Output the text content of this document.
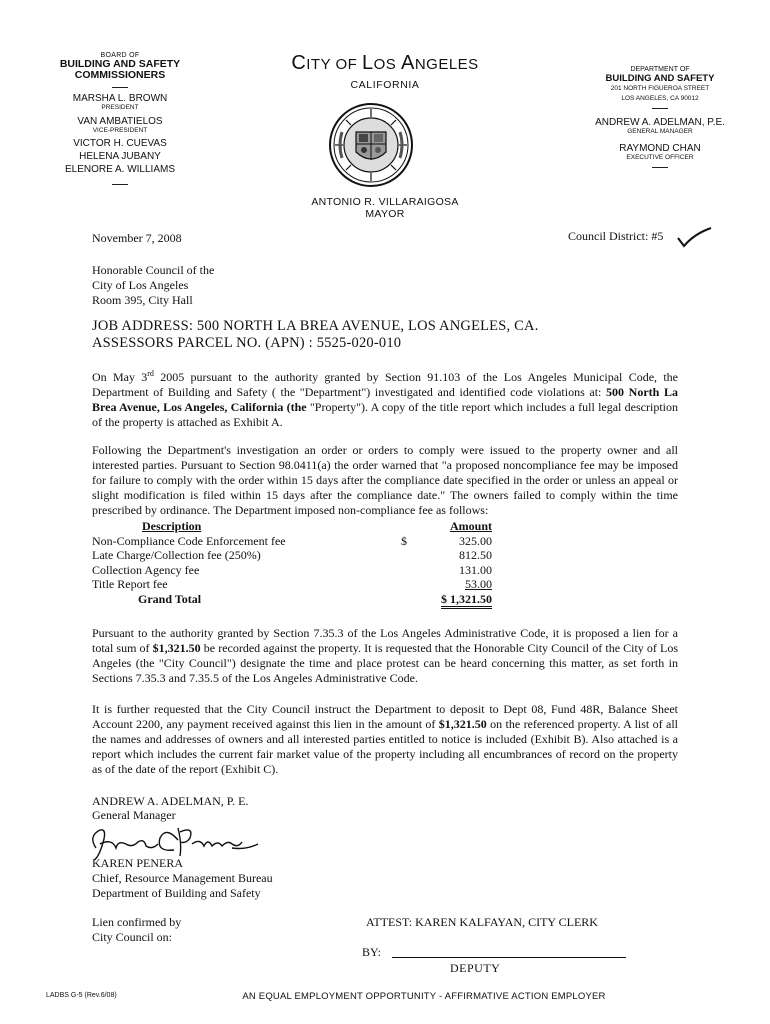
BOARD OF
BUILDING AND SAFETY
COMMISSIONERS
MARSHA L. BROWN
PRESIDENT
VAN AMBATIELOS
VICE-PRESIDENT
VICTOR H. CUEVAS
HELENA JUBANY
ELENORE A. WILLIAMS
CITY OF LOS ANGELES
CALIFORNIA
ANTONIO R. VILLARAIGOSA
MAYOR
DEPARTMENT OF
BUILDING AND SAFETY
201 NORTH FIGUEROA STREET
LOS ANGELES, CA 90012
ANDREW A. ADELMAN, P.E.
GENERAL MANAGER
RAYMOND CHAN
EXECUTIVE OFFICER
November 7, 2008	Council District: #5
Honorable Council of the
City of Los Angeles
Room 395, City Hall
JOB ADDRESS: 500 NORTH LA BREA AVENUE, LOS ANGELES, CA.
ASSESSORS PARCEL NO. (APN) : 5525-020-010
On May 3rd 2005 pursuant to the authority granted by Section 91.103 of the Los Angeles Municipal Code, the Department of Building and Safety ( the "Department") investigated and identified code violations at: 500 North La Brea Avenue, Los Angeles, California (the "Property"). A copy of the title report which includes a full legal description of the property is attached as Exhibit A.
Following the Department's investigation an order or orders to comply were issued to the property owner and all interested parties. Pursuant to Section 98.0411(a) the order warned that "a proposed noncompliance fee may be imposed for failure to comply with the order within 15 days after the compliance date specified in the order or unless an appeal or slight modification is filed within 15 days after the compliance date." The owners failed to comply within the time prescribed by ordinance. The Department imposed non-compliance fee as follows:
Description	Amount
Non-Compliance Code Enforcement fee	$	325.00
Late Charge/Collection fee (250%)	812.50
Collection Agency fee	131.00
Title Report fee	53.00
Grand Total	$ 1,321.50
Pursuant to the authority granted by Section 7.35.3 of the Los Angeles Administrative Code, it is proposed a lien for a total sum of $1,321.50 be recorded against the property. It is requested that the Honorable City Council of the City of Los Angeles (the "City Council") designate the time and place protest can be heard concerning this matter, as set forth in Sections 7.35.3 and 7.35.5 of the Los Angeles Administrative Code.
It is further requested that the City Council instruct the Department to deposit to Dept 08, Fund 48R, Balance Sheet Account 2200, any payment received against this lien in the amount of $1,321.50 on the referenced property. A list of all the names and addresses of owners and all interested parties entitled to notice is included (Exhibit B). Also attached is a report which includes the current fair market value of the property including all encumbrances of record on the property as of the date of the report (Exhibit C).
ANDREW A. ADELMAN, P. E.
General Manager
KAREN PENERA
Chief, Resource Management Bureau
Department of Building and Safety
Lien confirmed by
City Council on:
ATTEST: KAREN KALFAYAN, CITY CLERK
BY:
DEPUTY
LADBS G-5 (Rev.6/08)	AN EQUAL EMPLOYMENT OPPORTUNITY - AFFIRMATIVE ACTION EMPLOYER
